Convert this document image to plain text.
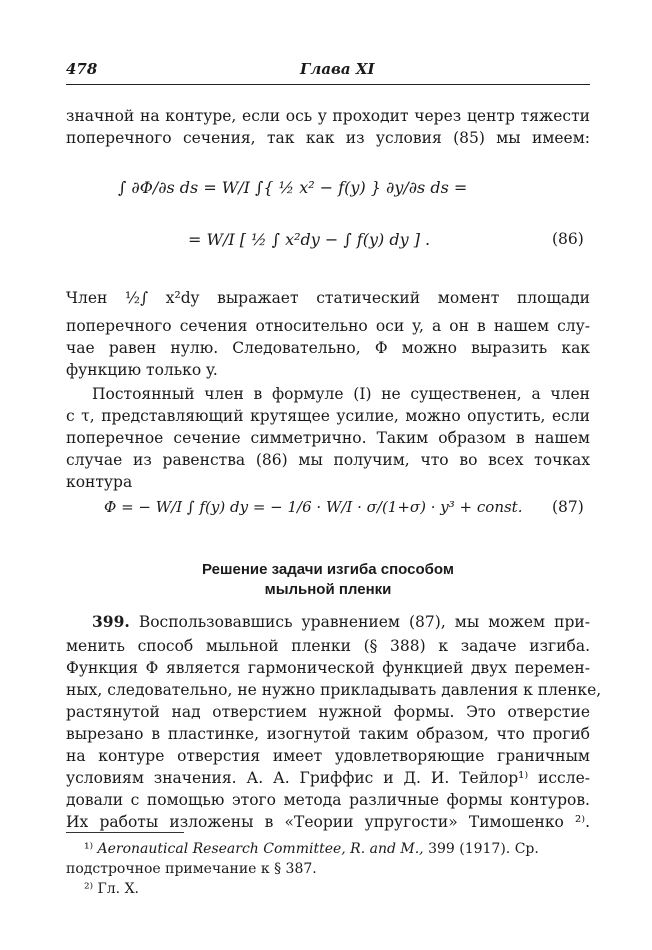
478	Глава XI
значной на контуре, если ось y проходит через центр тяжести
поперечного сечения, так как из условия (85) мы имеем:
∫ ∂Φ/∂s ds = W/I ∫{ ½ x² − f(y) } ∂y/∂s ds =
= W/I [ ½ ∫ x²dy − ∫ f(y) dy ] .	(86)
Член ½∫ x²dy выражает статический момент площади
поперечного сечения относительно оси y, а он в нашем слу-
чае равен нулю. Следовательно, Φ можно выразить как
функцию только y.
Постоянный член в формуле (I) не существенен, а член
с τ, представляющий крутящее усилие, можно опустить, если
поперечное сечение симметрично. Таким образом в нашем
случае из равенства (86) мы получим, что во всех точках
контура
Φ = − W/I ∫ f(y) dy = − 1/6 · W/I · σ/(1+σ) · y³ + const. (87)
Решение задачи изгиба способом
мыльной пленки
399. Воспользовавшись уравнением (87), мы можем при-
менить способ мыльной пленки (§ 388) к задаче изгиба.
Функция Φ является гармонической функцией двух перемен-
ных, следовательно, не нужно прикладывать давления к пленке,
растянутой над отверстием нужной формы. Это отверстие
вырезано в пластинке, изогнутой таким образом, что прогиб
на контуре отверстия имеет удовлетворяющие граничным
условиям значения. А. А. Гриффис и Д. И. Тейлор¹⁾ иссле-
довали с помощью этого метода различные формы контуров.
Их работы изложены в «Теории упругости» Тимошенко ²⁾.
¹⁾ Aeronautical Research Committee, R. and M., 399 (1917). Ср.
подстрочное примечание к § 387.
²⁾ Гл. X.
